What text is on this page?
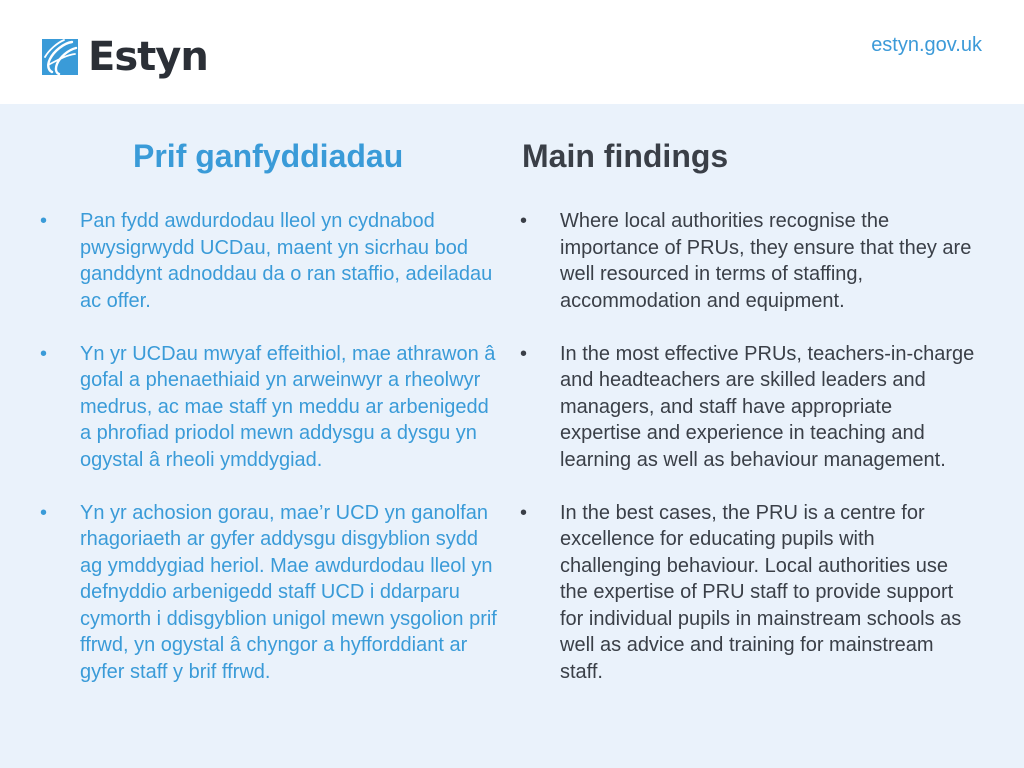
Estyn	estyn.gov.uk
Prif ganfyddiadau
• Pan fydd awdurdodau lleol yn cydnabod pwysigrwydd UCDau, maent yn sicrhau bod ganddynt adnoddau da o ran staffio, adeiladau ac offer.
• Yn yr UCDau mwyaf effeithiol, mae athrawon â gofal a phenaethiaid yn arweinwyr a rheolwyr medrus, ac mae staff yn meddu ar arbenigedd a phrofiad priodol mewn addysgu a dysgu yn ogystal â rheoli ymddygiad.
• Yn yr achosion gorau, mae’r UCD yn ganolfan rhagoriaeth ar gyfer addysgu disgyblion sydd ag ymddygiad heriol. Mae awdurdodau lleol yn defnyddio arbenigedd staff UCD i ddarparu cymorth i ddisgyblion unigol mewn ysgolion prif ffrwd, yn ogystal â chyngor a hyfforddiant ar gyfer staff y brif ffrwd.
Main findings
• Where local authorities recognise the importance of PRUs, they ensure that they are well resourced in terms of staffing, accommodation and equipment.
• In the most effective PRUs, teachers-in-charge and headteachers are skilled leaders and managers, and staff have appropriate expertise and experience in teaching and learning as well as behaviour management.
• In the best cases, the PRU is a centre for excellence for educating pupils with challenging behaviour. Local authorities use the expertise of PRU staff to provide support for individual pupils in mainstream schools as well as advice and training for mainstream staff.
